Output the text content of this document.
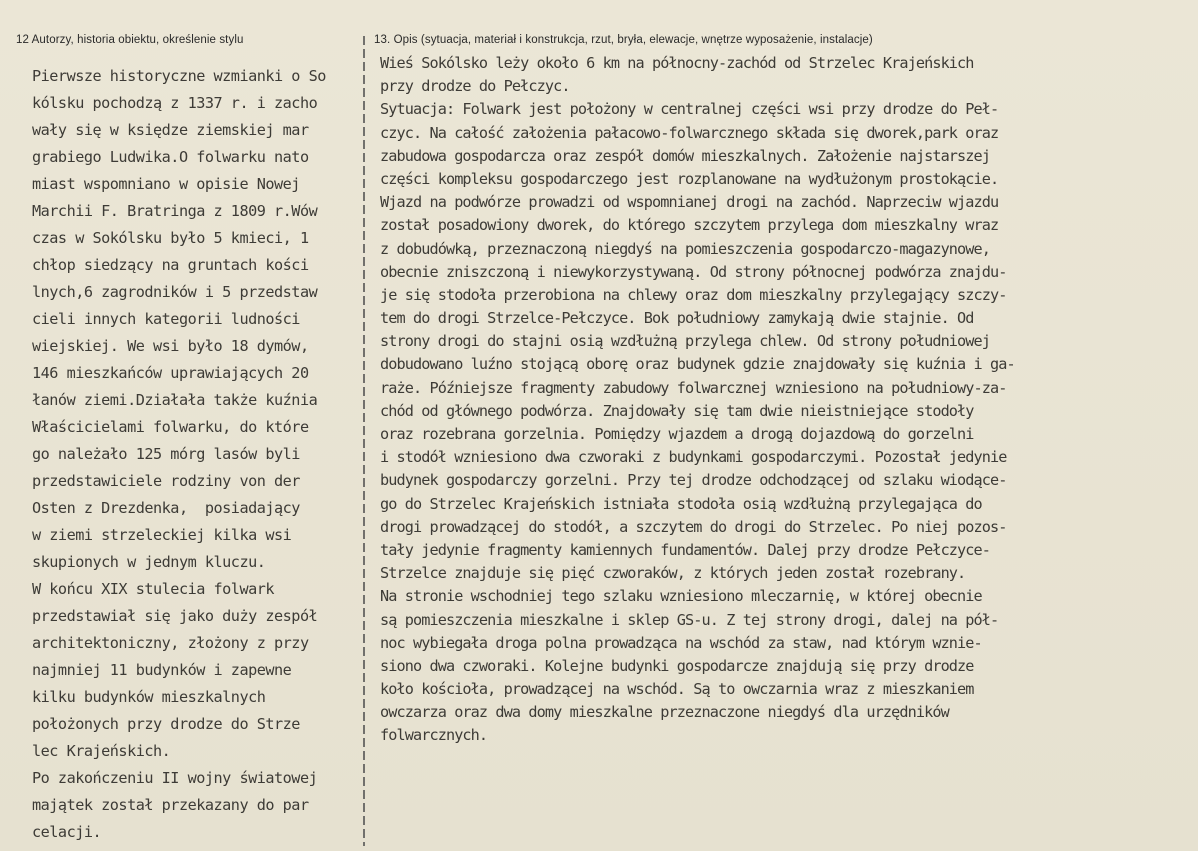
12 Autorzy, historia obiektu, określenie stylu	13. Opis (sytuacja, materiał i konstrukcja, rzut, bryła, elewacje, wnętrze wyposażenie, instalacje)
Pierwsze historyczne wzmianki o So
kólsku pochodzą z 1337 r. i zacho
wały się w księdze ziemskiej mar
grabiego Ludwika.O folwarku nato
miast wspomniano w opisie Nowej
Marchii F. Bratringa z 1809 r.Wów
czas w Sokólsku było 5 kmieci, 1
chłop siedzący na gruntach kości
lnych,6 zagrodników i 5 przedstaw
cieli innych kategorii ludności
wiejskiej. We wsi było 18 dymów,
146 mieszkańców uprawiających 20
łanów ziemi.Działała także kuźnia
Właścicielami folwarku, do które
go należało 125 mórg lasów byli
przedstawiciele rodziny von der
Osten z Drezdenka,  posiadający
w ziemi strzeleckiej kilka wsi
skupionych w jednym kluczu.
W końcu XIX stulecia folwark
przedstawiał się jako duży zespół
architektoniczny, złożony z przy
najmniej 11 budynków i zapewne
kilku budynków mieszkalnych
położonych przy drodze do Strze
lec Krajeńskich.
Po zakończeniu II wojny światowej
majątek został przekazany do par
celacji.
Wieś Sokólsko leży około 6 km na północny-zachód od Strzelec Krajeńskich
przy drodze do Pełczyc.
Sytuacja: Folwark jest położony w centralnej części wsi przy drodze do Peł-
czyc. Na całość założenia pałacowo-folwarcznego składa się dworek,park oraz
zabudowa gospodarcza oraz zespół domów mieszkalnych. Założenie najstarszej
części kompleksu gospodarczego jest rozplanowane na wydłużonym prostokącie.
Wjazd na podwórze prowadzi od wspomnianej drogi na zachód. Naprzeciw wjazdu
został posadowiony dworek, do którego szczytem przylega dom mieszkalny wraz
z dobudówką, przeznaczoną niegdyś na pomieszczenia gospodarczo-magazynowe,
obecnie zniszczoną i niewykorzystywaną. Od strony północnej podwórza znajdu-
je się stodoła przerobiona na chlewy oraz dom mieszkalny przylegający szczy-
tem do drogi Strzelce-Pełczyce. Bok południowy zamykają dwie stajnie. Od
strony drogi do stajni osią wzdłużną przylega chlew. Od strony południowej
dobudowano luźno stojącą oborę oraz budynek gdzie znajdowały się kuźnia i ga-
raże. Późniejsze fragmenty zabudowy folwarcznej wzniesiono na południowy-za-
chód od głównego podwórza. Znajdowały się tam dwie nieistniejące stodoły
oraz rozebrana gorzelnia. Pomiędzy wjazdem a drogą dojazdową do gorzelni
i stodół wzniesiono dwa czworaki z budynkami gospodarczymi. Pozostał jedynie
budynek gospodarczy gorzelni. Przy tej drodze odchodzącej od szlaku wiodące-
go do Strzelec Krajeńskich istniała stodoła osią wzdłużną przylegająca do
drogi prowadzącej do stodół, a szczytem do drogi do Strzelec. Po niej pozos-
tały jedynie fragmenty kamiennych fundamentów. Dalej przy drodze Pełczyce-
Strzelce znajduje się pięć czworaków, z których jeden został rozebrany.
Na stronie wschodniej tego szlaku wzniesiono mleczarnię, w której obecnie
są pomieszczenia mieszkalne i sklep GS-u. Z tej strony drogi, dalej na pół-
noc wybiegała droga polna prowadząca na wschód za staw, nad którym wznie-
siono dwa czworaki. Kolejne budynki gospodarcze znajdują się przy drodze
koło kościoła, prowadzącej na wschód. Są to owczarnia wraz z mieszkaniem
owczarza oraz dwa domy mieszkalne przeznaczone niegdyś dla urzędników
folwarcznych.
